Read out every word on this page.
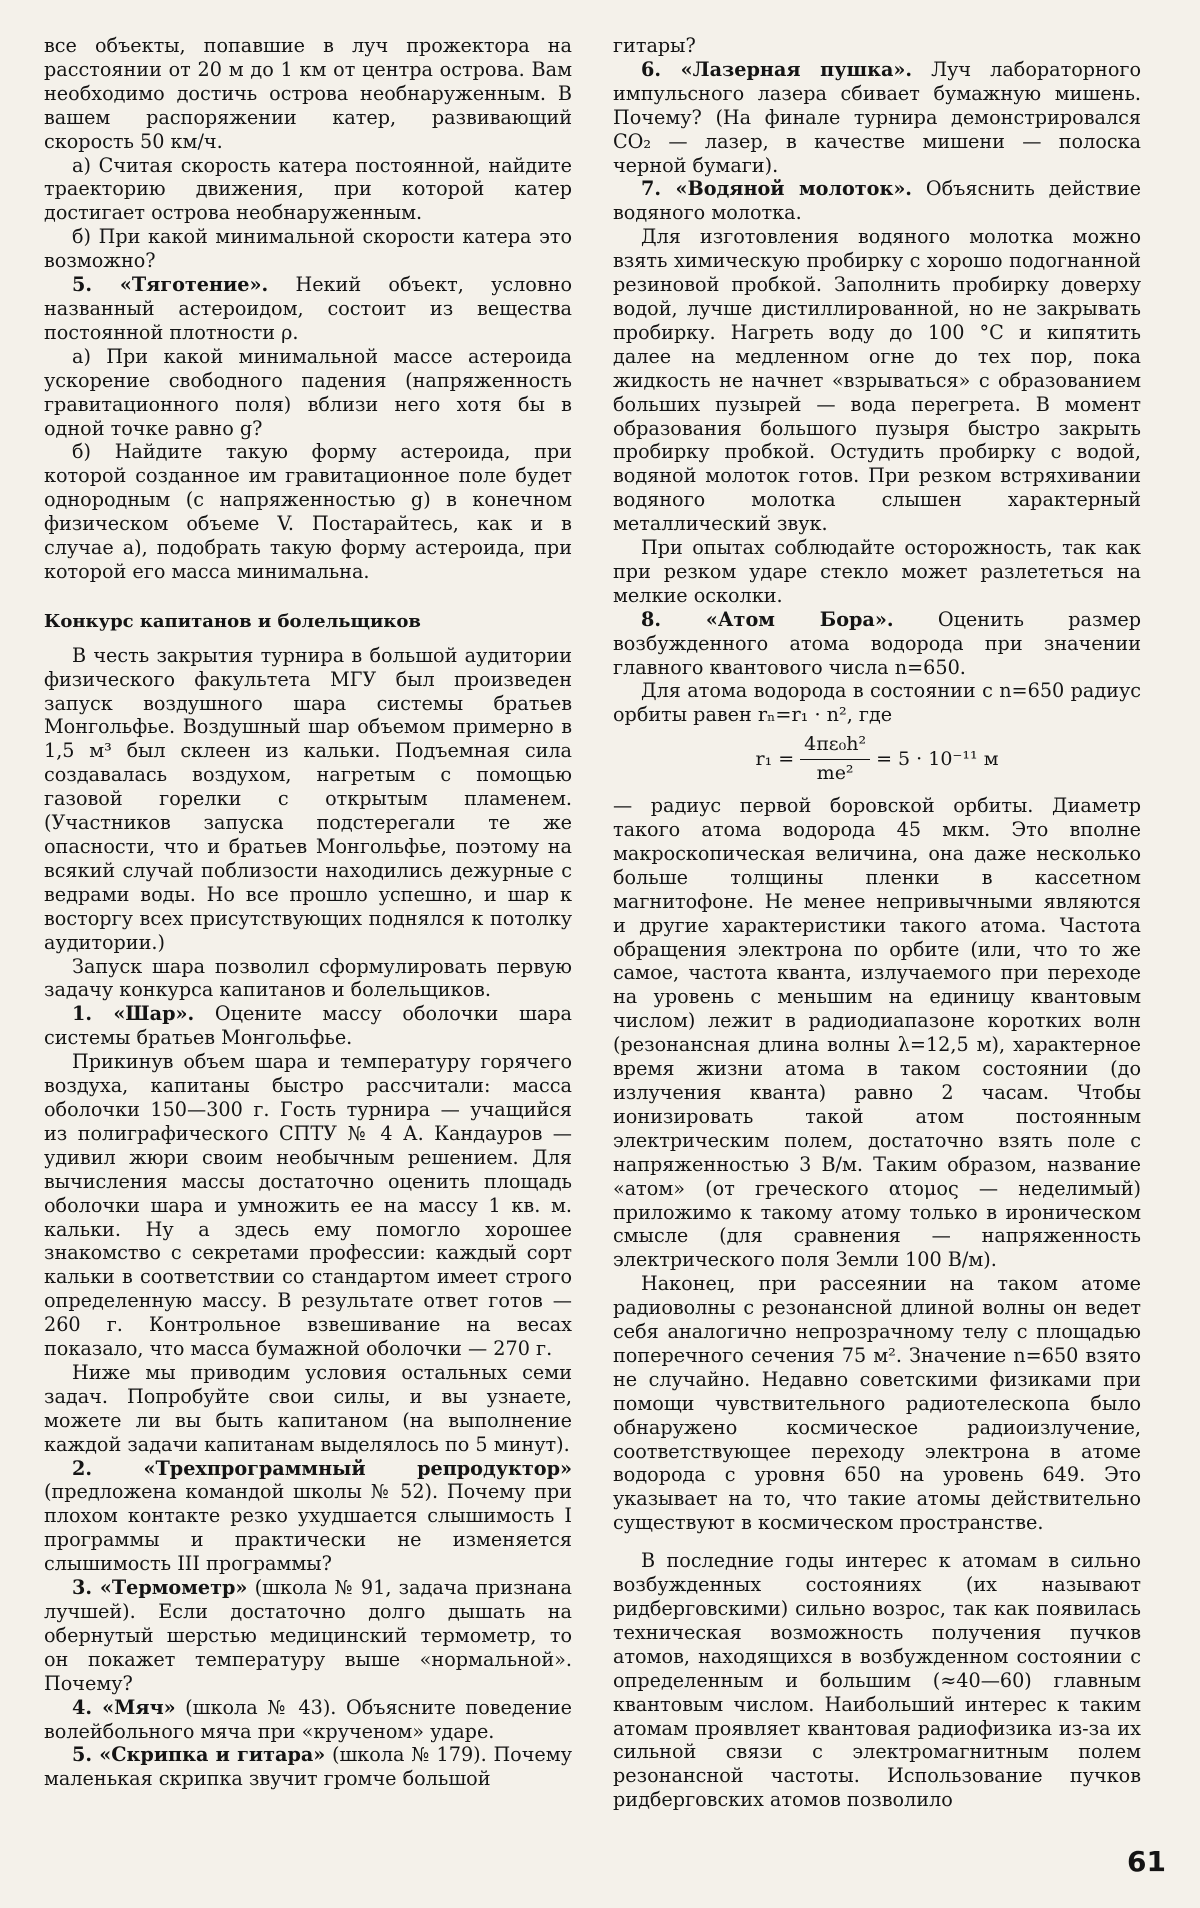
все объекты, попавшие в луч прожектора на расстоянии от 20 м до 1 км от центра острова. Вам необходимо достичь острова необнаруженным. В вашем распоряжении катер, развивающий скорость 50 км/ч.

а) Считая скорость катера постоянной, найдите траекторию движения, при которой катер достигает острова необнаруженным.

б) При какой минимальной скорости катера это возможно?

5. «Тяготение». Некий объект, условно названный астероидом, состоит из вещества постоянной плотности ρ.

а) При какой минимальной массе астероида ускорение свободного падения (напряженность гравитационного поля) вблизи него хотя бы в одной точке равно g?

б) Найдите такую форму астероида, при которой созданное им гравитационное поле будет однородным (с напряженностью g) в конечном физическом объеме V. Постарайтесь, как и в случае а), подобрать такую форму астероида, при которой его масса минимальна.

Конкурс капитанов и болельщиков

В честь закрытия турнира в большой аудитории физического факультета МГУ был произведен запуск воздушного шара системы братьев Монгольфье. Воздушный шар объемом примерно в 1,5 м³ был склеен из кальки. Подъемная сила создавалась воздухом, нагретым с помощью газовой горелки с открытым пламенем. (Участников запуска подстерегали те же опасности, что и братьев Монгольфье, поэтому на всякий случай поблизости находились дежурные с ведрами воды. Но все прошло успешно, и шар к восторгу всех присутствующих поднялся к потолку аудитории.)

Запуск шара позволил сформулировать первую задачу конкурса капитанов и болельщиков.

1. «Шар». Оцените массу оболочки шара системы братьев Монгольфье.

Прикинув объем шара и температуру горячего воздуха, капитаны быстро рассчитали: масса оболочки 150—300 г. Гость турнира — учащийся из полиграфического СПТУ № 4 А. Кандауров — удивил жюри своим необычным решением. Для вычисления массы достаточно оценить площадь оболочки шара и умножить ее на массу 1 кв. м. кальки. Ну а здесь ему помогло хорошее знакомство с секретами профессии: каждый сорт кальки в соответствии со стандартом имеет строго определенную массу. В результате ответ готов — 260 г. Контрольное взвешивание на весах показало, что масса бумажной оболочки — 270 г.

Ниже мы приводим условия остальных семи задач. Попробуйте свои силы, и вы узнаете, можете ли вы быть капитаном (на выполнение каждой задачи капитанам выделялось по 5 минут).

2. «Трехпрограммный репродуктор» (предложена командой школы № 52). Почему при плохом контакте резко ухудшается слышимость I программы и практически не изменяется слышимость III программы?

3. «Термометр» (школа № 91, задача признана лучшей). Если достаточно долго дышать на обернутый шерстью медицинский термометр, то он покажет температуру выше «нормальной». Почему?

4. «Мяч» (школа № 43). Объясните поведение волейбольного мяча при «крученом» ударе.

5. «Скрипка и гитара» (школа № 179). Почему маленькая скрипка звучит громче большой

гитары?

6. «Лазерная пушка». Луч лабораторного импульсного лазера сбивает бумажную мишень. Почему? (На финале турнира демонстрировался CO₂ — лазер, в качестве мишени — полоска черной бумаги).

7. «Водяной молоток». Объяснить действие водяного молотка.

Для изготовления водяного молотка можно взять химическую пробирку с хорошо подогнанной резиновой пробкой. Заполнить пробирку доверху водой, лучше дистиллированной, но не закрывать пробирку. Нагреть воду до 100 °С и кипятить далее на медленном огне до тех пор, пока жидкость не начнет «взрываться» с образованием больших пузырей — вода перегрета. В момент образования большого пузыря быстро закрыть пробирку пробкой. Остудить пробирку с водой, водяной молоток готов. При резком встряхивании водяного молотка слышен характерный металлический звук.

При опытах соблюдайте осторожность, так как при резком ударе стекло может разлететься на мелкие осколки.

8. «Атом Бора». Оценить размер возбужденного атома водорода при значении главного квантового числа n=650.

Для атома водорода в состоянии с n=650 радиус орбиты равен rₙ=r₁ · n², где

$r_1 = \frac{\text{4πε₀h²}}{\text{me²}} = 5 \cdot 10^{-11}$ м

— радиус первой боровской орбиты. Диаметр такого атома водорода 45 мкм. Это вполне макроскопическая величина, она даже несколько больше толщины пленки в кассетном магнитофоне. Не менее непривычными являются и другие характеристики такого атома. Частота обращения электрона по орбите (или, что то же самое, частота кванта, излучаемого при переходе на уровень с меньшим на единицу квантовым числом) лежит в радиодиапазоне коротких волн (резонансная длина волны λ=12,5 м), характерное время жизни атома в таком состоянии (до излучения кванта) равно 2 часам. Чтобы ионизировать такой атом постоянным электрическим полем, достаточно взять поле с напряженностью 3 В/м. Таким образом, название «атом» (от греческого ατομος — неделимый) приложимо к такому атому только в ироническом смысле (для сравнения — напряженность электрического поля Земли 100 В/м).

Наконец, при рассеянии на таком атоме радиоволны с резонансной длиной волны он ведет себя аналогично непрозрачному телу с площадью поперечного сечения 75 м². Значение n=650 взято не случайно. Недавно советскими физиками при помощи чувствительного радиотелескопа было обнаружено космическое радиоизлучение, соответствующее переходу электрона в атоме водорода с уровня 650 на уровень 649. Это указывает на то, что такие атомы действительно существуют в космическом пространстве.

В последние годы интерес к атомам в сильно возбужденных состояниях (их называют ридберговскими) сильно возрос, так как появилась техническая возможность получения пучков атомов, находящихся в возбужденном состоянии с определенным и большим (≈40—60) главным квантовым числом. Наибольший интерес к таким атомам проявляет квантовая радиофизика из-за их сильной связи с электромагнитным полем резонансной частоты. Использование пучков ридберговских атомов позволило

61
